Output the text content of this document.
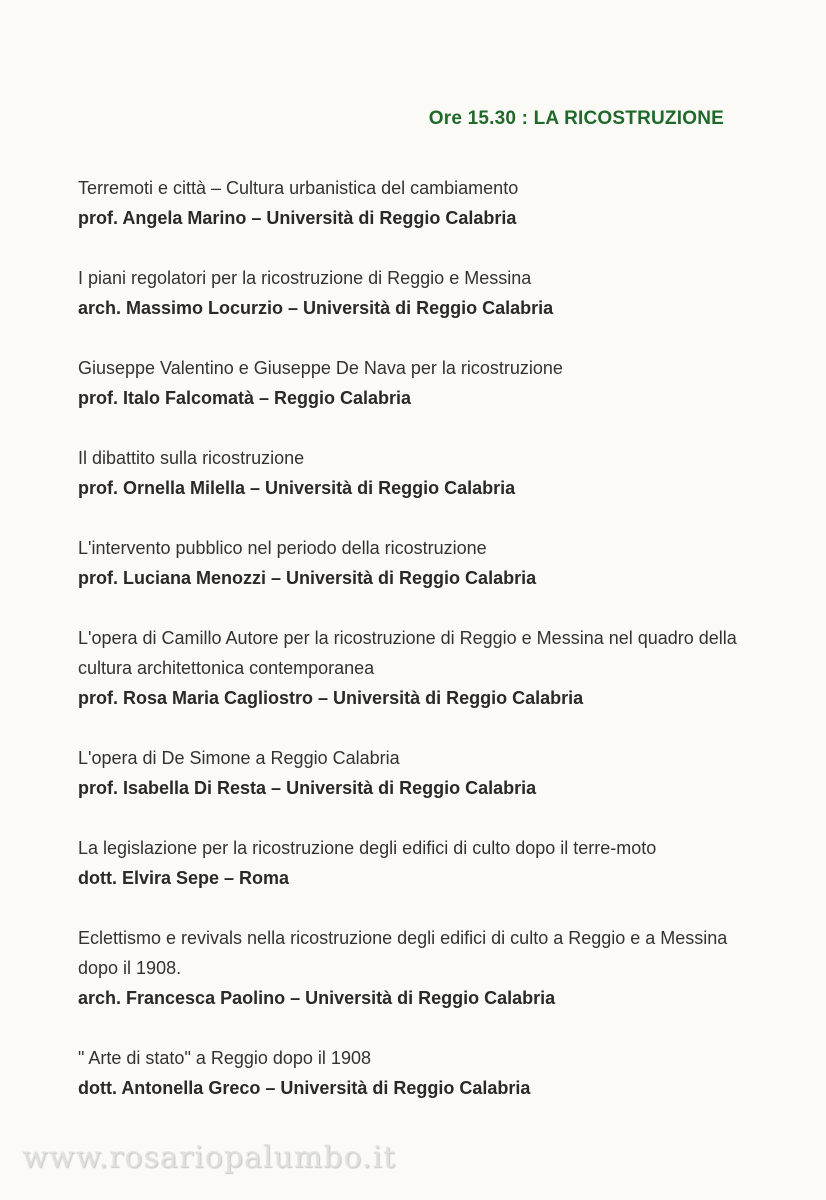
Ore 15.30 : LA RICOSTRUZIONE
Terremoti e città – Cultura urbanistica del cambiamento
prof. Angela Marino – Università di Reggio Calabria
I piani regolatori per la ricostruzione di Reggio e Messina
arch. Massimo Locurzio – Università di Reggio Calabria
Giuseppe Valentino e Giuseppe De Nava per la ricostruzione
prof. Italo Falcomatà – Reggio Calabria
Il dibattito sulla ricostruzione
prof. Ornella Milella – Università di Reggio Calabria
L'intervento pubblico nel periodo della ricostruzione
prof. Luciana Menozzi – Università di Reggio Calabria
L'opera di Camillo Autore per la ricostruzione di Reggio e Messina nel quadro della cultura architettonica contemporanea
prof. Rosa Maria Cagliostro – Università di Reggio Calabria
L'opera di De Simone a Reggio Calabria
prof. Isabella Di Resta – Università di Reggio Calabria
La legislazione per la ricostruzione degli edifici di culto dopo il terre-moto
dott. Elvira Sepe – Roma
Eclettismo e revivals nella ricostruzione degli edifici di culto a Reggio e a Messina dopo il 1908.
arch. Francesca Paolino – Università di Reggio Calabria
" Arte di stato" a Reggio dopo il 1908
dott. Antonella Greco – Università di Reggio Calabria
www.rosariopalumbo.it
